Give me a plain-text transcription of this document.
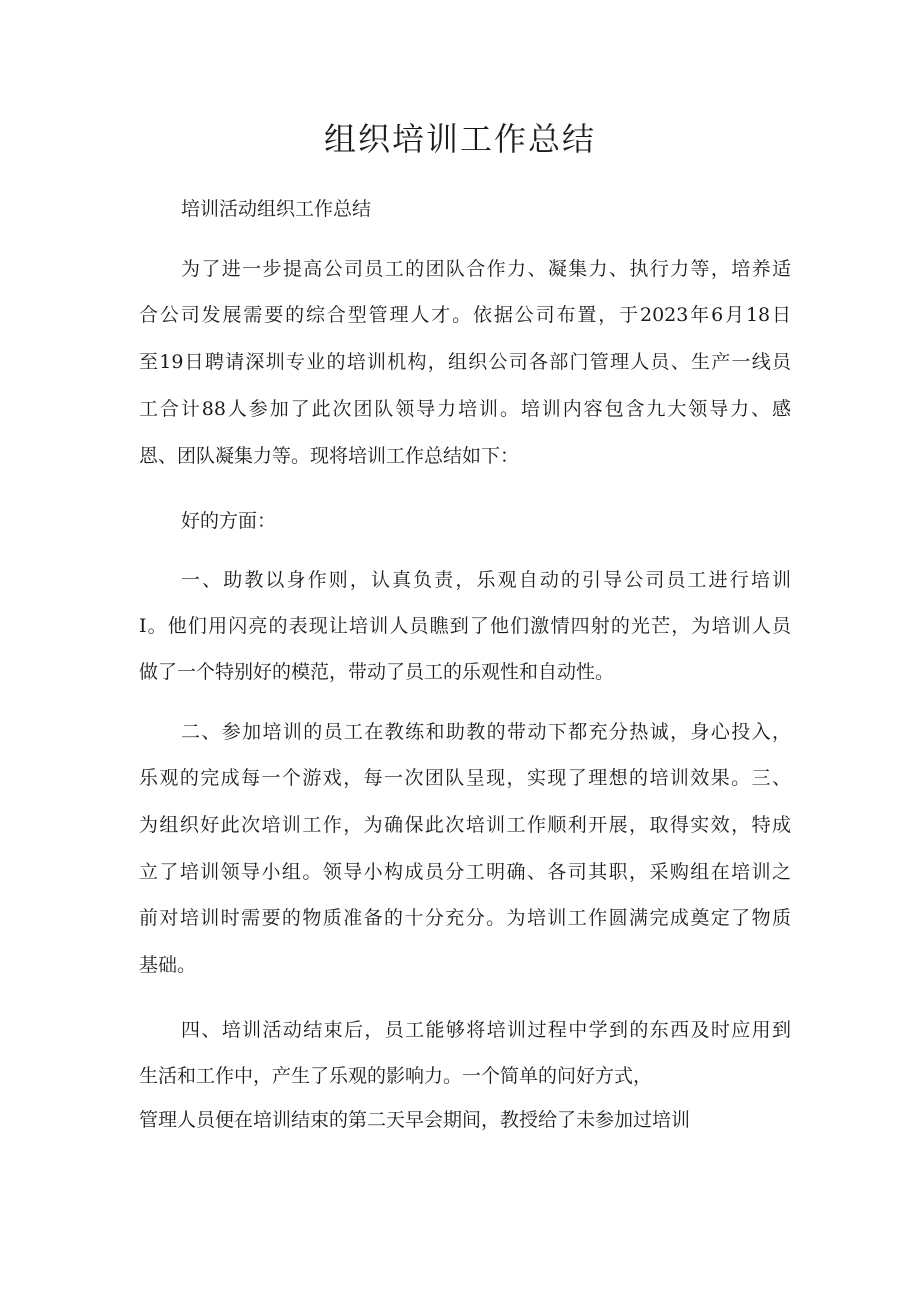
组织培训工作总结

培训活动组织工作总结

为了进一步提高公司员工的团队合作力、凝集力、执行力等，培养适

合公司发展需要的综合型管理人才。依据公司布置，于2023年6月18日

至19日聘请深圳专业的培训机构，组织公司各部门管理人员、生产一线员

工合计88人参加了此次团队领导力培训。培训内容包含九大领导力、感

恩、团队凝集力等。现将培训工作总结如下：

好的方面：

一、助教以身作则，认真负责，乐观自动的引导公司员工进行培训

I。他们用闪亮的表现让培训人员瞧到了他们激情四射的光芒，为培训人员

做了一个特别好的模范，带动了员工的乐观性和自动性。

二、参加培训的员工在教练和助教的带动下都充分热诚，身心投入，

乐观的完成每一个游戏，每一次团队呈现，实现了理想的培训效果。三、

为组织好此次培训工作，为确保此次培训工作顺利开展，取得实效，特成

立了培训领导小组。领导小构成员分工明确、各司其职，采购组在培训之

前对培训时需要的物质准备的十分充分。为培训工作圆满完成奠定了物质

基础。

四、培训活动结束后，员工能够将培训过程中学到的东西及时应用到

生活和工作中，产生了乐观的影响力。一个简单的问好方式，

管理人员便在培训结束的第二天早会期间，教授给了未参加过培训
